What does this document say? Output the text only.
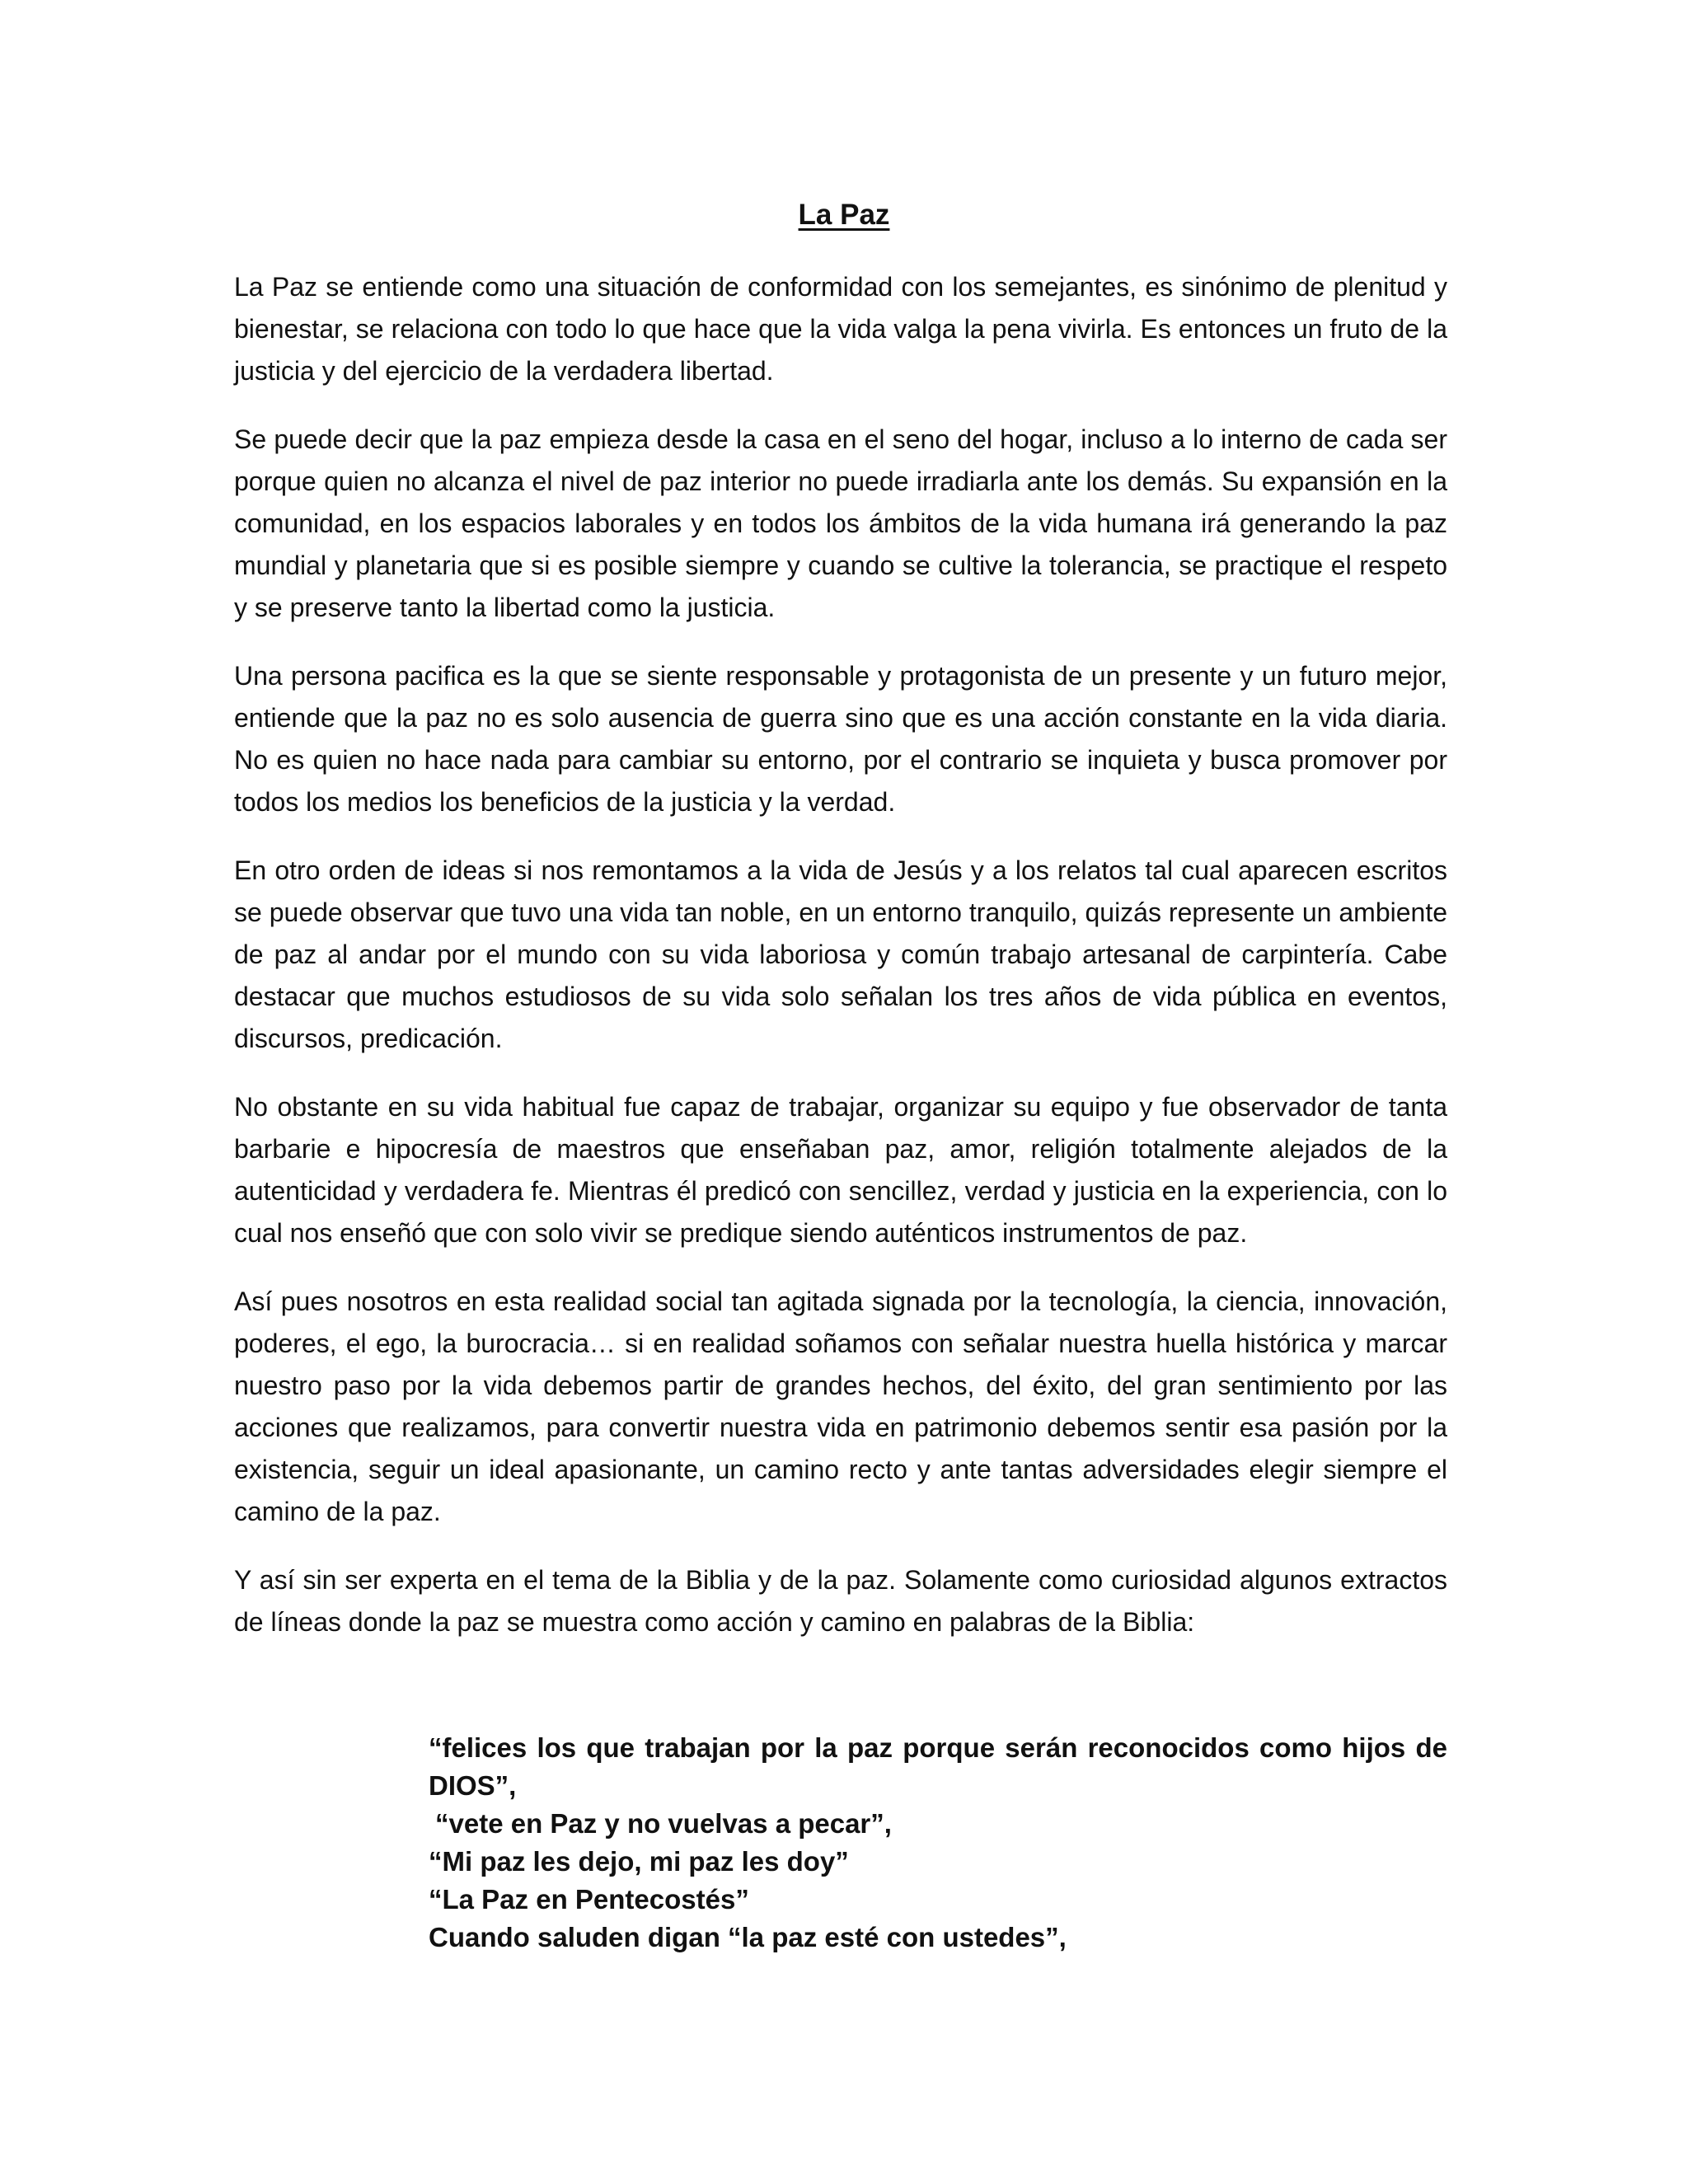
La Paz

La Paz se entiende como una situación de conformidad con los semejantes, es sinónimo de plenitud y bienestar, se relaciona con todo lo que hace que la vida valga la pena vivirla. Es entonces un fruto de la justicia y del ejercicio de la verdadera libertad.

Se puede decir que la paz empieza desde la casa en el seno del hogar, incluso a lo interno de cada ser porque quien no alcanza el nivel de paz interior no puede irradiarla ante los demás. Su expansión en la comunidad, en los espacios laborales y en todos los ámbitos de la vida humana irá generando la paz mundial y planetaria que si es posible siempre y cuando se cultive la tolerancia, se practique el respeto y se preserve tanto la libertad como la justicia.

Una persona pacifica es la que se siente responsable y protagonista de un presente y un futuro mejor, entiende que la paz no es solo ausencia de guerra sino que es una acción constante en la vida diaria. No es quien no hace nada para cambiar su entorno, por el contrario se inquieta y busca promover por todos los medios los beneficios de la justicia y la verdad.

En otro orden de ideas si nos remontamos a la vida de Jesús y a los relatos tal cual aparecen escritos se puede observar que tuvo una vida tan noble, en un entorno tranquilo, quizás represente un ambiente de paz al andar por el mundo con su vida laboriosa y común trabajo artesanal de carpintería. Cabe destacar que muchos estudiosos de su vida solo señalan los tres años de vida pública en eventos, discursos, predicación.

No obstante en su vida habitual fue capaz de trabajar, organizar su equipo y fue observador de tanta barbarie e hipocresía de maestros que enseñaban paz, amor, religión totalmente alejados de la autenticidad y verdadera fe. Mientras él predicó con sencillez, verdad y justicia en la experiencia, con lo cual nos enseñó que con solo vivir se predique siendo auténticos instrumentos de paz.

Así pues nosotros en esta realidad social tan agitada signada por la tecnología, la ciencia, innovación, poderes, el ego, la burocracia… si en realidad soñamos con señalar nuestra huella histórica y marcar nuestro paso por la vida debemos partir de grandes hechos, del éxito, del gran sentimiento por las acciones que realizamos, para convertir nuestra vida en patrimonio debemos sentir esa pasión por la existencia, seguir un ideal apasionante, un camino recto y ante tantas adversidades elegir siempre el camino de la paz.

Y así sin ser experta en el tema de la Biblia y de la paz. Solamente como curiosidad algunos extractos de líneas donde la paz se muestra como acción y camino en palabras de la Biblia:

“felices los que trabajan por la paz porque serán reconocidos como hijos de DIOS”,

“vete en Paz y no vuelvas a pecar”,

“Mi paz les dejo, mi paz les doy”

“La Paz en Pentecostés”

Cuando saluden digan “la paz esté con ustedes”,
